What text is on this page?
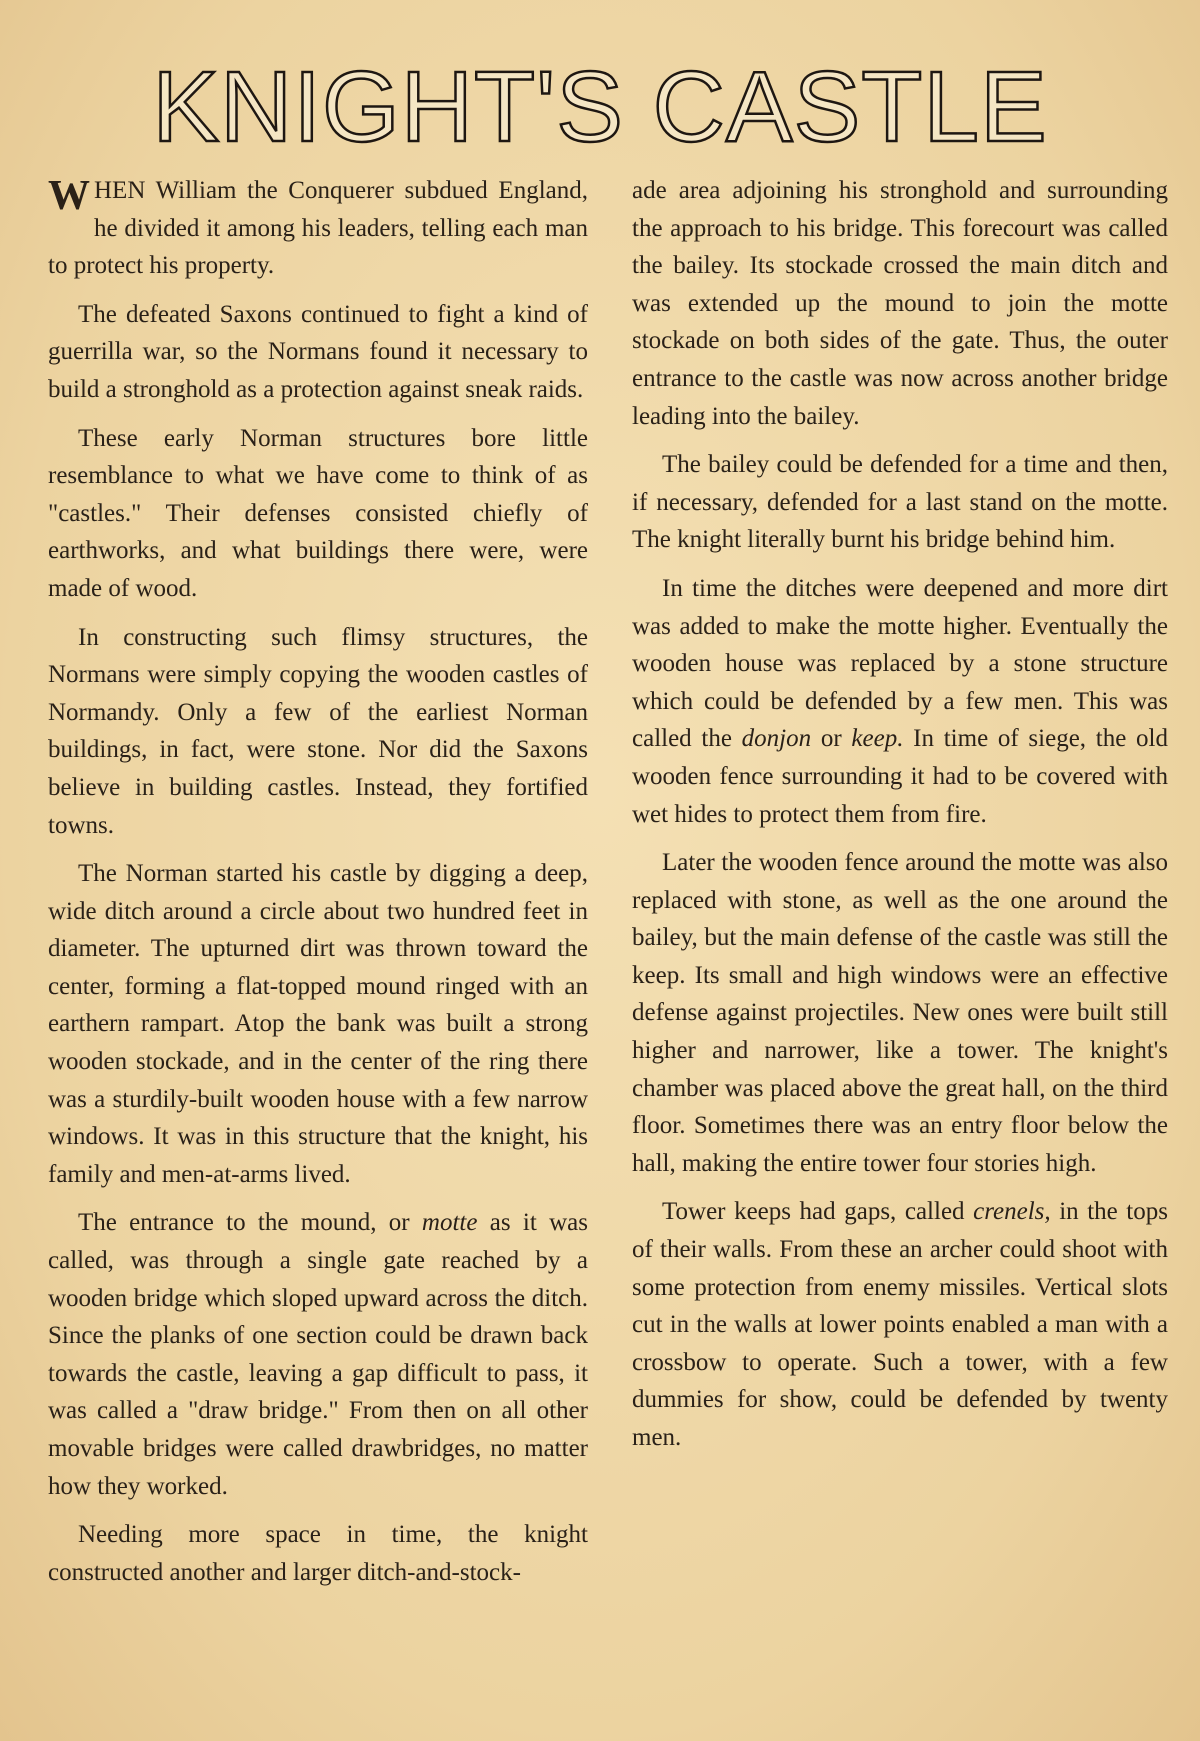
KNIGHT'S CASTLE

WHEN William the Conquerer subdued England, he divided it among his leaders, telling each man to protect his property.

The defeated Saxons continued to fight a kind of guerrilla war, so the Normans found it necessary to build a stronghold as a protection against sneak raids.

These early Norman structures bore little resemblance to what we have come to think of as "castles." Their defenses consisted chiefly of earthworks, and what buildings there were, were made of wood.

In constructing such flimsy structures, the Normans were simply copying the wooden castles of Normandy. Only a few of the earliest Norman buildings, in fact, were stone. Nor did the Saxons believe in building castles. Instead, they fortified towns.

The Norman started his castle by digging a deep, wide ditch around a circle about two hundred feet in diameter. The upturned dirt was thrown toward the center, forming a flat-topped mound ringed with an earthern rampart. Atop the bank was built a strong wooden stockade, and in the center of the ring there was a sturdily-built wooden house with a few narrow windows. It was in this structure that the knight, his family and men-at-arms lived.

The entrance to the mound, or motte as it was called, was through a single gate reached by a wooden bridge which sloped upward across the ditch. Since the planks of one section could be drawn back towards the castle, leaving a gap difficult to pass, it was called a "draw bridge." From then on all other movable bridges were called drawbridges, no matter how they worked.

Needing more space in time, the knight constructed another and larger ditch-and-stock-

ade area adjoining his stronghold and surrounding the approach to his bridge. This forecourt was called the bailey. Its stockade crossed the main ditch and was extended up the mound to join the motte stockade on both sides of the gate. Thus, the outer entrance to the castle was now across another bridge leading into the bailey.

The bailey could be defended for a time and then, if necessary, defended for a last stand on the motte. The knight literally burnt his bridge behind him.

In time the ditches were deepened and more dirt was added to make the motte higher. Eventually the wooden house was replaced by a stone structure which could be defended by a few men. This was called the donjon or keep. In time of siege, the old wooden fence surrounding it had to be covered with wet hides to protect them from fire.

Later the wooden fence around the motte was also replaced with stone, as well as the one around the bailey, but the main defense of the castle was still the keep. Its small and high windows were an effective defense against projectiles. New ones were built still higher and narrower, like a tower. The knight's chamber was placed above the great hall, on the third floor. Sometimes there was an entry floor below the hall, making the entire tower four stories high.

Tower keeps had gaps, called crenels, in the tops of their walls. From these an archer could shoot with some protection from enemy missiles. Vertical slots cut in the walls at lower points enabled a man with a crossbow to operate. Such a tower, with a few dummies for show, could be defended by twenty men.
